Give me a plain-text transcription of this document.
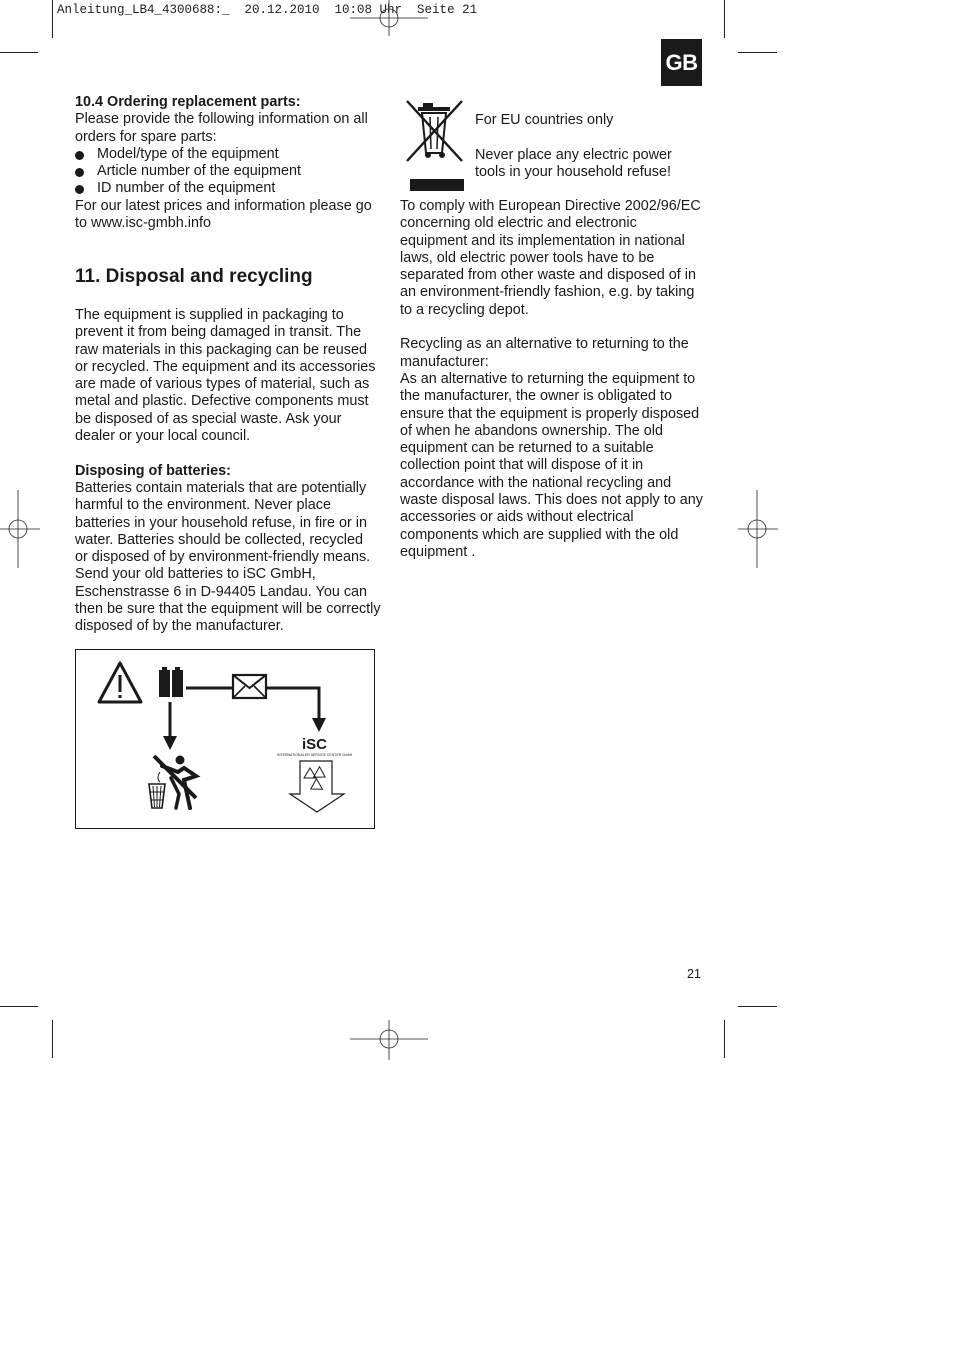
Anleitung_LB4_4300688:_  20.12.2010  10:08 Uhr  Seite 21
GB

10.4 Ordering replacement parts:

Please provide the following information on all

orders for spare parts:

Model/type of the equipment

Article number of the equipment

ID number of the equipment

For our latest prices and information please go

to www.isc-gmbh.info

11. Disposal and recycling

The equipment is supplied in packaging to

prevent it from being damaged in transit. The

raw materials in this packaging can be reused

or recycled. The equipment and its accessories

are made of various types of material, such as

metal and plastic. Defective components must

be disposed of as special waste. Ask your

dealer or your local council.

Disposing of batteries:

Batteries contain materials that are potentially

harmful to the environment. Never place

batteries in your household refuse, in fire or in

water. Batteries should be collected, recycled

or disposed of by environment-friendly means.

Send your old batteries to iSC GmbH,

Eschenstrasse 6 in D-94405 Landau. You can

then be sure that the equipment will be correctly

disposed of by the manufacturer.

iSC
INTERNATIONALER SERVICE CENTER GmbH

For EU countries only

Never place any electric power

tools in your household refuse!

To comply with European Directive 2002/96/EC

concerning old electric and electronic

equipment and its implementation in national

laws, old electric power tools have to be

separated from other waste and disposed of in

an environment-friendly fashion, e.g. by taking

to a recycling depot.

Recycling as an alternative to returning to the

manufacturer:

As an alternative to returning the equipment to

the manufacturer, the owner is obligated to

ensure that the equipment is properly disposed

of when he abandons ownership. The old

equipment can be returned to a suitable

collection point that will dispose of it in

accordance with the national recycling and

waste disposal laws. This does not apply to any

accessories or aids without electrical

components which are supplied with the old

equipment .

21
